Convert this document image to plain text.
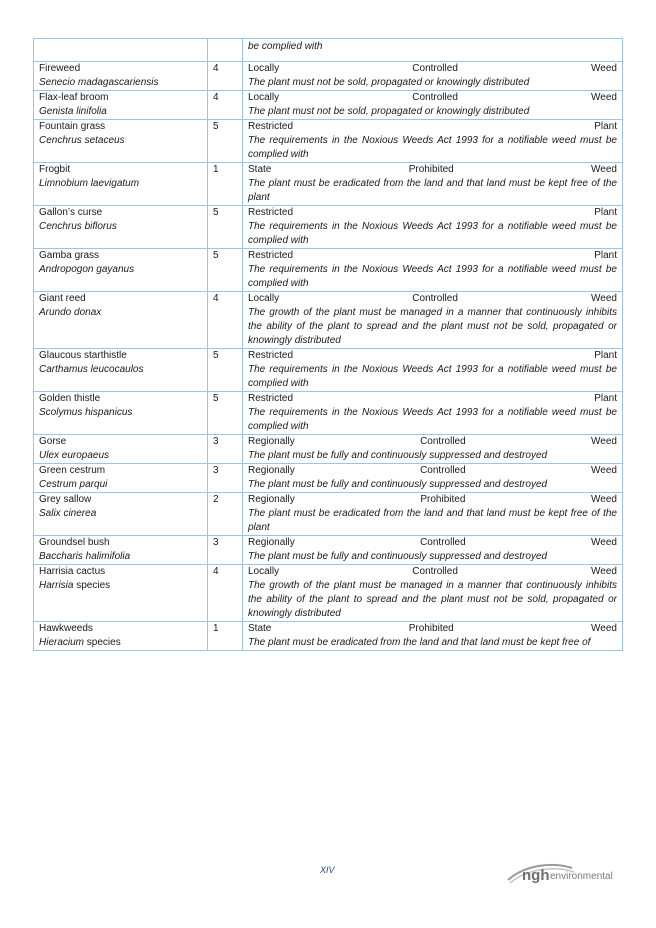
		be complied with

Fireweed
Senecio madagascariensis	4	Locally Controlled Weed
The plant must not be sold, propagated or knowingly distributed

Flax-leaf broom
Genista linifolia	4	Locally Controlled Weed
The plant must not be sold, propagated or knowingly distributed

Fountain grass
Cenchrus setaceus	5	Restricted Plant
The requirements in the Noxious Weeds Act 1993 for a notifiable weed must be complied with

Frogbit
Limnobium laevigatum	1	State Prohibited Weed
The plant must be eradicated from the land and that land must be kept free of the plant

Gallon’s curse
Cenchrus biflorus	5	Restricted Plant
The requirements in the Noxious Weeds Act 1993 for a notifiable weed must be complied with

Gamba grass
Andropogon gayanus	5	Restricted Plant
The requirements in the Noxious Weeds Act 1993 for a notifiable weed must be complied with

Giant reed
Arundo donax	4	Locally Controlled Weed
The growth of the plant must be managed in a manner that continuously inhibits the ability of the plant to spread and the plant must not be sold, propagated or knowingly distributed

Glaucous starthistle
Carthamus leucocaulos	5	Restricted Plant
The requirements in the Noxious Weeds Act 1993 for a notifiable weed must be complied with

Golden thistle
Scolymus hispanicus	5	Restricted Plant
The requirements in the Noxious Weeds Act 1993 for a notifiable weed must be complied with

Gorse
Ulex europaeus	3	Regionally Controlled Weed
The plant must be fully and continuously suppressed and destroyed

Green cestrum
Cestrum parqui	3	Regionally Controlled Weed
The plant must be fully and continuously suppressed and destroyed

Grey sallow
Salix cinerea	2	Regionally Prohibited Weed
The plant must be eradicated from the land and that land must be kept free of the plant

Groundsel bush
Baccharis halimifolia	3	Regionally Controlled Weed
The plant must be fully and continuously suppressed and destroyed

Harrisia cactus
Harrisia species	4	Locally Controlled Weed
The growth of the plant must be managed in a manner that continuously inhibits the ability of the plant to spread and the plant must not be sold, propagated or knowingly distributed

Hawkweeds
Hieracium species	1	State Prohibited Weed
The plant must be eradicated from the land and that land must be kept free of
XIV	ngh environmental
